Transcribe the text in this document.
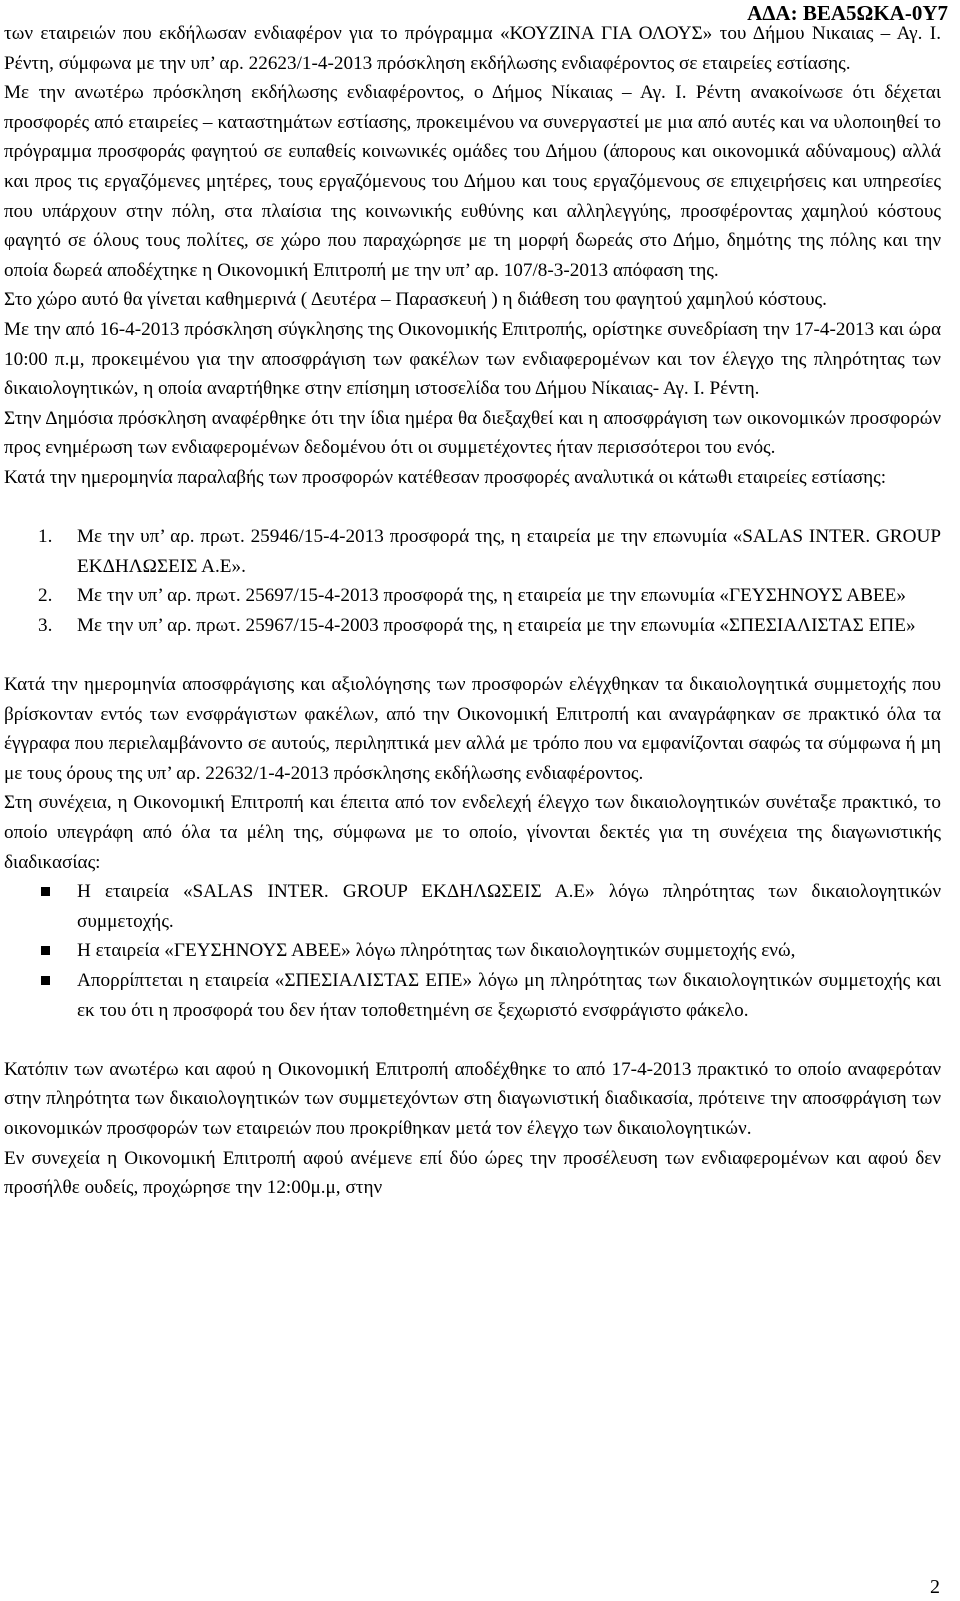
ΑΔΑ: ΒΕΑ5ΩΚΑ-0Υ7

των εταιρειών που εκδήλωσαν ενδιαφέρον για το πρόγραμμα «ΚΟΥΖΙΝΑ ΓΙΑ ΟΛΟΥΣ» του Δήμου Νικαιας – Αγ. Ι. Ρέντη, σύμφωνα με την υπ’ αρ. 22623/1-4-2013 πρόσκληση εκδήλωσης ενδιαφέροντος σε εταιρείες εστίασης.

Με την ανωτέρω πρόσκληση εκδήλωσης ενδιαφέροντος, ο Δήμος Νίκαιας – Αγ. Ι. Ρέντη ανακοίνωσε ότι δέχεται προσφορές από εταιρείες – καταστημάτων εστίασης, προκειμένου να συνεργαστεί με μια από αυτές και να υλοποιηθεί το πρόγραμμα προσφοράς φαγητού σε ευπαθείς κοινωνικές ομάδες του Δήμου (άπορους και οικονομικά αδύναμους) αλλά και προς τις εργαζόμενες μητέρες, τους εργαζόμενους του Δήμου και τους εργαζόμενους σε επιχειρήσεις και υπηρεσίες που υπάρχουν στην πόλη, στα πλαίσια της κοινωνικής ευθύνης και αλληλεγγύης, προσφέροντας χαμηλού κόστους φαγητό σε όλους τους πολίτες, σε χώρο που παραχώρησε με τη μορφή δωρεάς στο Δήμο, δημότης της πόλης και την οποία δωρεά αποδέχτηκε η Οικονομική Επιτροπή με την υπ’ αρ. 107/8-3-2013 απόφαση της.

Στο χώρο αυτό θα γίνεται καθημερινά ( Δευτέρα – Παρασκευή ) η διάθεση του φαγητού χαμηλού κόστους.

Με την από 16-4-2013 πρόσκληση σύγκλησης της Οικονομικής Επιτροπής, ορίστηκε συνεδρίαση την 17-4-2013 και ώρα 10:00 π.μ, προκειμένου για την αποσφράγιση των φακέλων των ενδιαφερομένων και τον έλεγχο της πληρότητας των δικαιολογητικών, η οποία αναρτήθηκε στην επίσημη ιστοσελίδα του Δήμου Νίκαιας- Αγ. Ι. Ρέντη.

Στην Δημόσια πρόσκληση αναφέρθηκε ότι την ίδια ημέρα θα διεξαχθεί και η αποσφράγιση των οικονομικών προσφορών προς ενημέρωση των ενδιαφερομένων δεδομένου ότι οι συμμετέχοντες ήταν περισσότεροι του ενός.

Κατά την ημερομηνία παραλαβής των προσφορών κατέθεσαν προσφορές αναλυτικά οι κάτωθι εταιρείες εστίασης:

1. Με την υπ’ αρ. πρωτ. 25946/15-4-2013 προσφορά της, η εταιρεία με την επωνυμία «SALAS INTER. GROUP ΕΚΔΗΛΩΣΕΙΣ Α.Ε».
2. Με την υπ’ αρ. πρωτ. 25697/15-4-2013 προσφορά της, η εταιρεία με την επωνυμία «ΓΕΥΣΗΝΟΥΣ ΑΒΕΕ»
3. Με την υπ’ αρ. πρωτ. 25967/15-4-2003 προσφορά της, η εταιρεία με την επωνυμία «ΣΠΕΣΙΑΛΙΣΤΑΣ ΕΠΕ»

Κατά την ημερομηνία αποσφράγισης και αξιολόγησης των προσφορών ελέγχθηκαν τα δικαιολογητικά συμμετοχής που βρίσκονταν εντός των ενσφράγιστων φακέλων, από την Οικονομική Επιτροπή και αναγράφηκαν σε πρακτικό όλα τα έγγραφα που περιελαμβάνοντο σε αυτούς, περιληπτικά μεν αλλά με τρόπο που να εμφανίζονται σαφώς τα σύμφωνα ή μη με τους όρους της υπ’ αρ. 22632/1-4-2013 πρόσκλησης εκδήλωσης ενδιαφέροντος.

Στη συνέχεια, η Οικονομική Επιτροπή και έπειτα από τον ενδελεχή έλεγχο των δικαιολογητικών συνέταξε πρακτικό, το οποίο υπεγράφη από όλα τα μέλη της, σύμφωνα με το οποίο, γίνονται δεκτές για τη συνέχεια της διαγωνιστικής διαδικασίας:

Η εταιρεία «SALAS INTER. GROUP ΕΚΔΗΛΩΣΕΙΣ Α.Ε» λόγω πληρότητας των δικαιολογητικών συμμετοχής.
Η εταιρεία «ΓΕΥΣΗΝΟΥΣ ΑΒΕΕ» λόγω πληρότητας των δικαιολογητικών συμμετοχής ενώ,
Απορρίπτεται η εταιρεία «ΣΠΕΣΙΑΛΙΣΤΑΣ ΕΠΕ» λόγω μη πληρότητας των δικαιολογητικών συμμετοχής και εκ του ότι η προσφορά του δεν ήταν τοποθετημένη σε ξεχωριστό ενσφράγιστο φάκελο.

Κατόπιν των ανωτέρω και αφού η Οικονομική Επιτροπή αποδέχθηκε το από 17-4-2013 πρακτικό το οποίο αναφερόταν στην πληρότητα των δικαιολογητικών των συμμετεχόντων στη διαγωνιστική διαδικασία, πρότεινε την αποσφράγιση των οικονομικών προσφορών των εταιρειών που προκρίθηκαν μετά τον έλεγχο των δικαιολογητικών.

Εν συνεχεία η Οικονομική Επιτροπή αφού ανέμενε επί δύο ώρες την προσέλευση των ενδιαφερομένων και αφού δεν προσήλθε ουδείς, προχώρησε την 12:00μ.μ, στην

2
